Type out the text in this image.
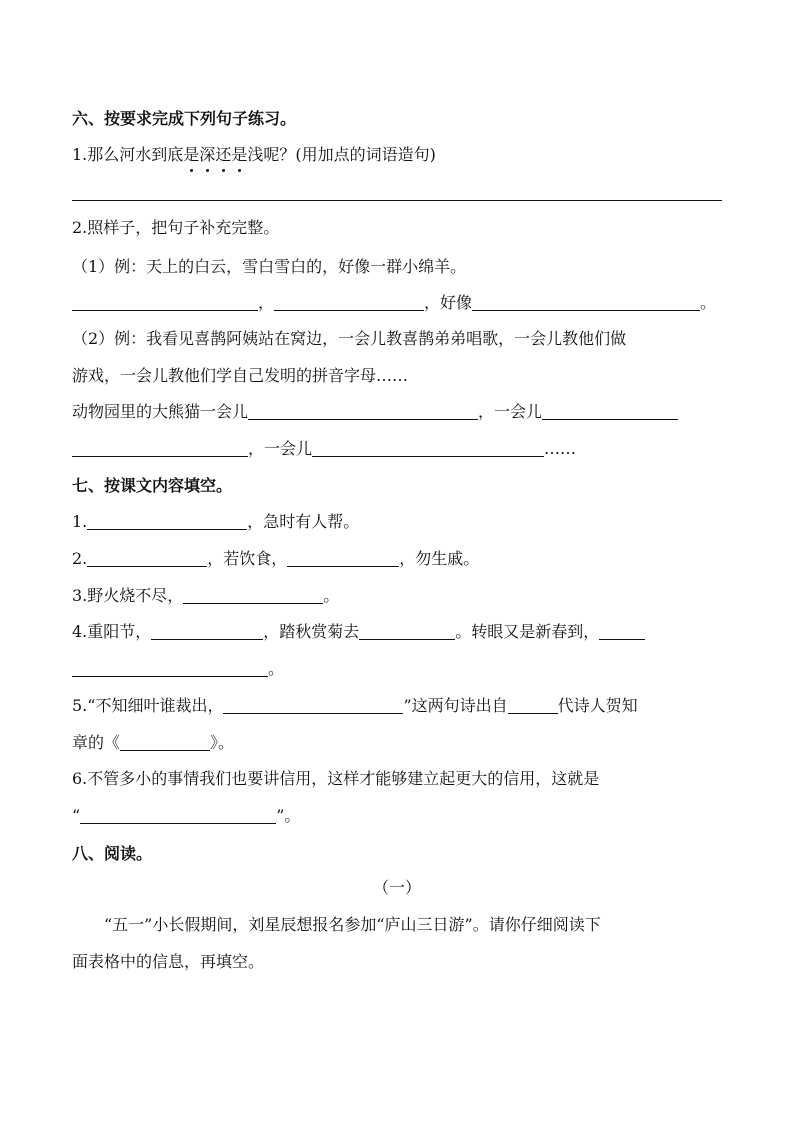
六、按要求完成下列句子练习。
1.那么河水到底是深还是浅呢？(用加点的词语造句)
2.照样子，把句子补充完整。
（1）例：天上的白云，雪白雪白的，好像一群小绵羊。
，	，好像	。
（2）例：我看见喜鹊阿姨站在窝边，一会儿教喜鹊弟弟唱歌，一会儿教他们做
游戏，一会儿教他们学自己发明的拼音字母……
动物园里的大熊猫一会儿	，一会儿
，一会儿	……
七、按课文内容填空。
1.	，急时有人帮。
2.	，若饮食，	，勿生戚。
3.野火烧不尽，	。
4.重阳节，	，踏秋赏菊去	。转眼又是新春到，
。
5.“不知细叶谁裁出，	”这两句诗出自	代诗人贺知
章的《	》。
6.不管多小的事情我们也要讲信用，这样才能够建立起更大的信用，这就是
“	”。
八、阅读。
（一）
“五一”小长假期间，刘星辰想报名参加“庐山三日游”。请你仔细阅读下
面表格中的信息，再填空。
